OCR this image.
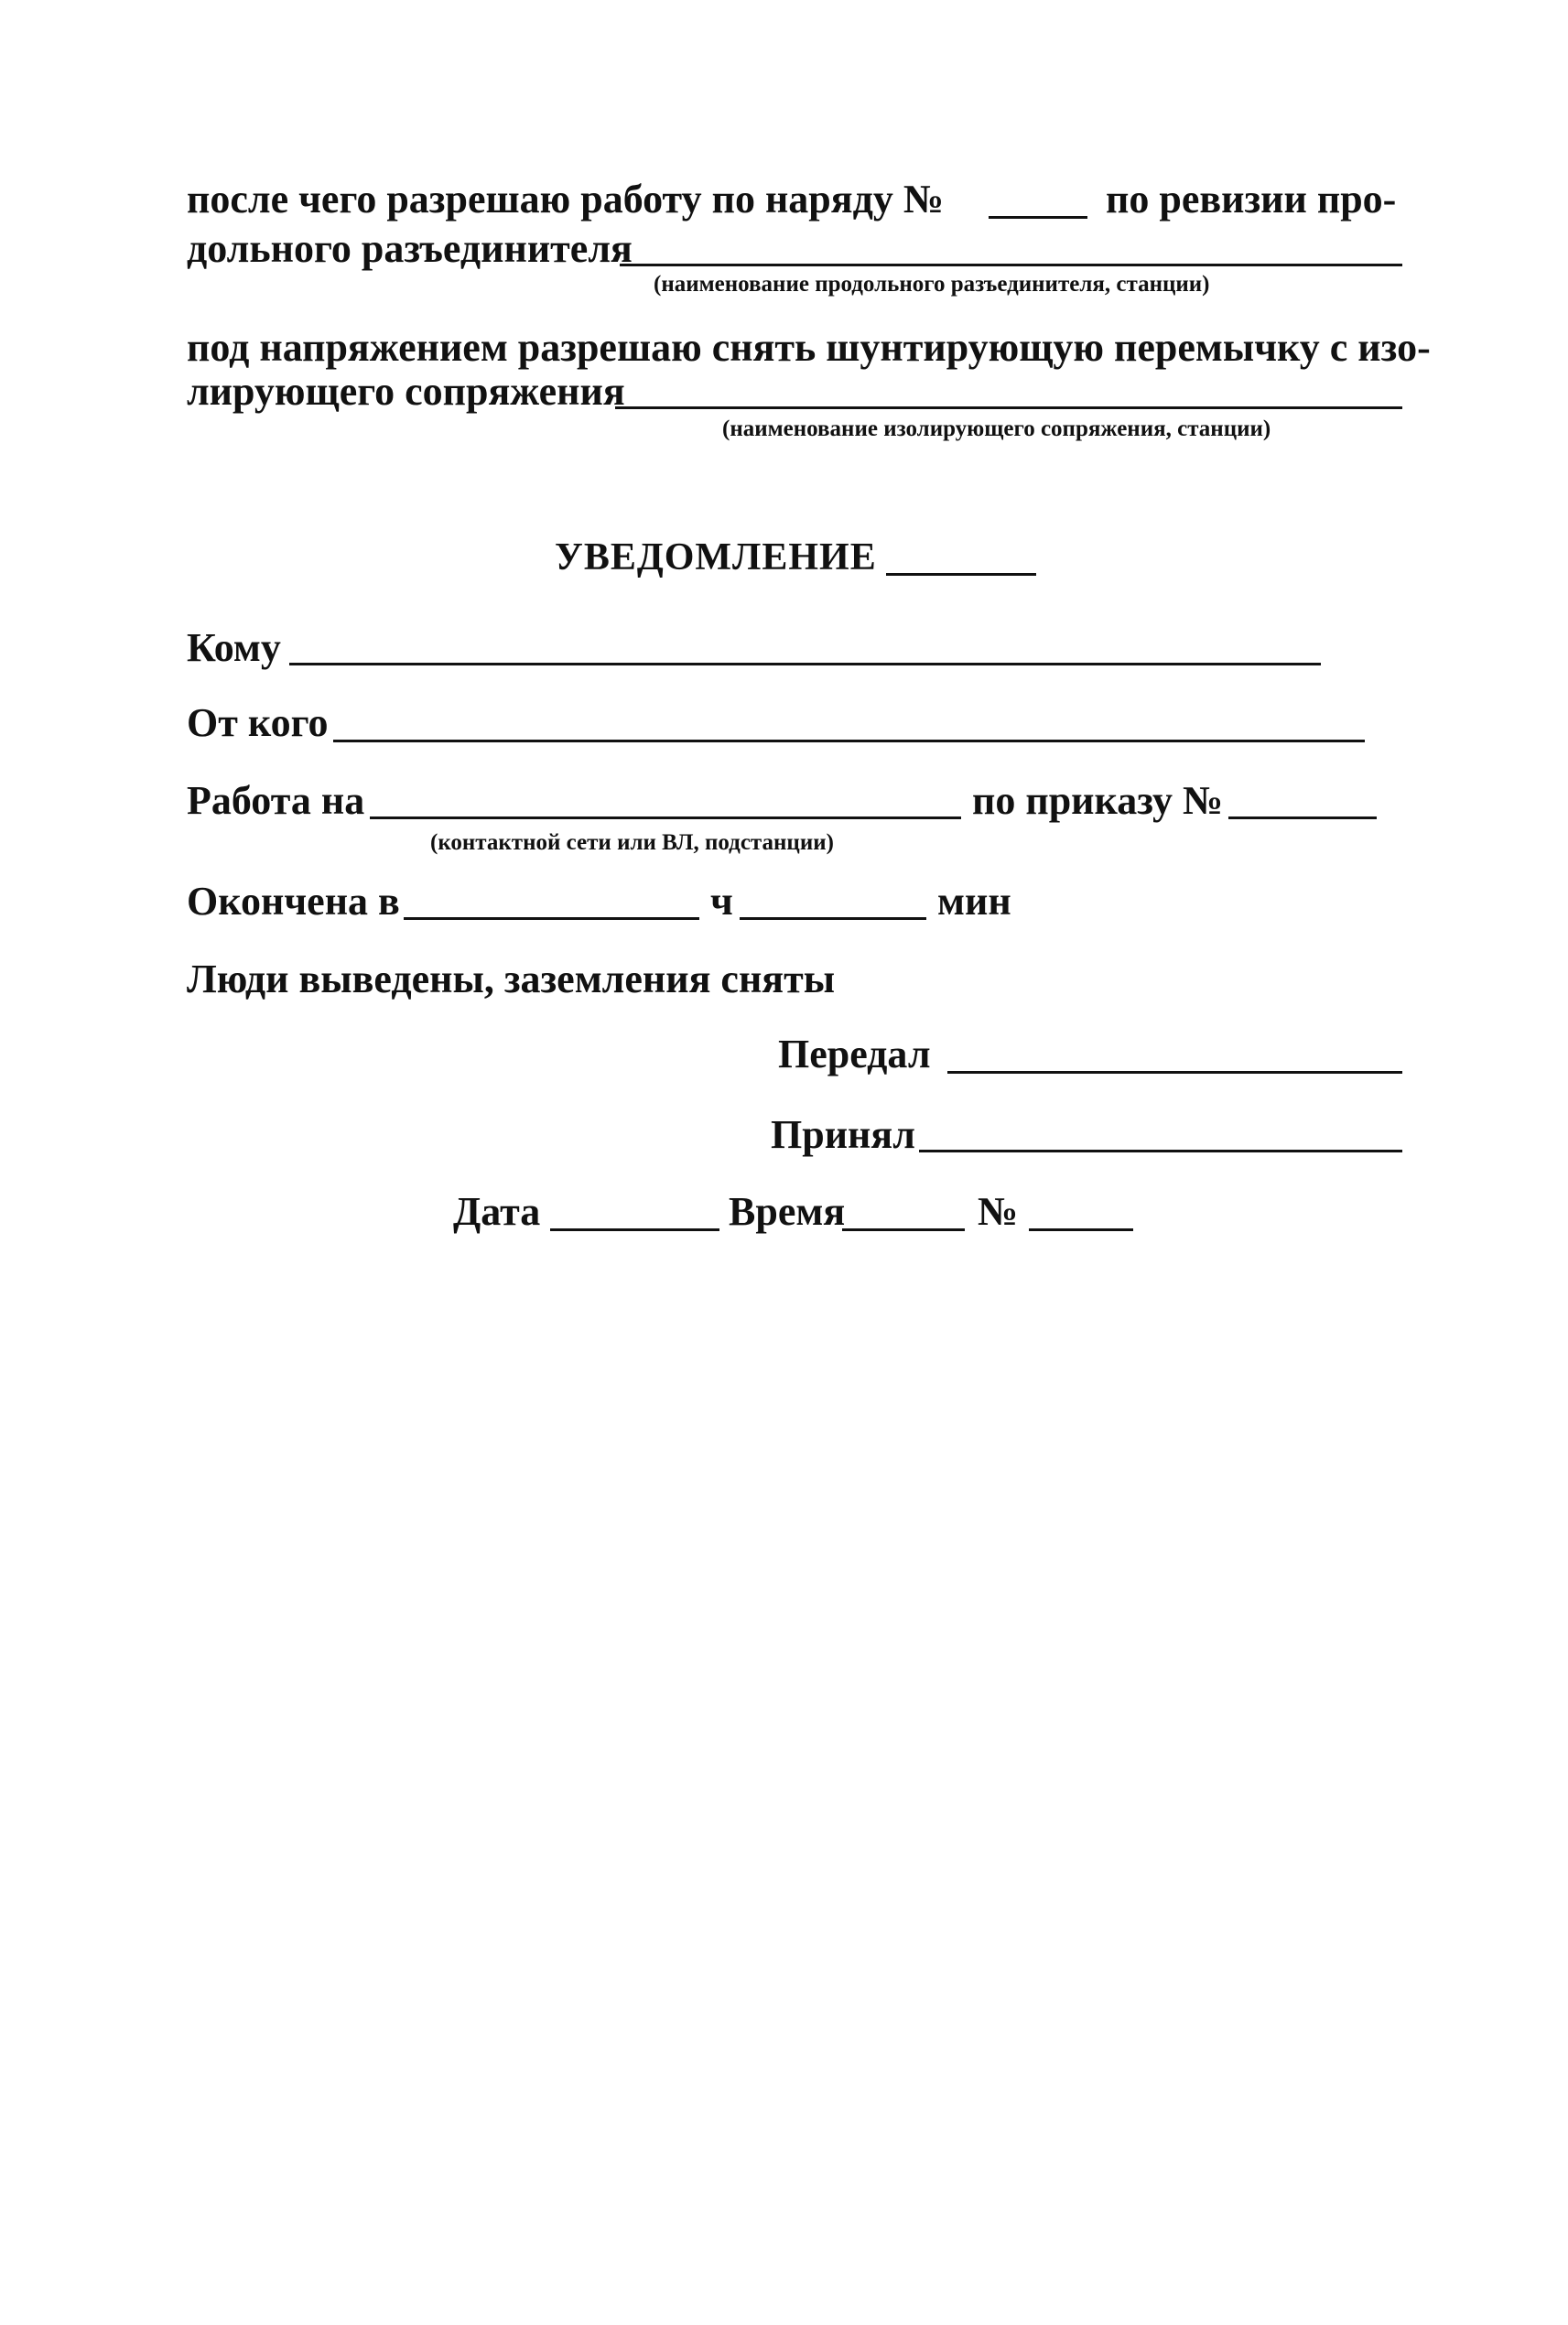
после чего разрешаю работу по наряду №	по ревизии про-
дольного разъединителя
(наименование продольного разъединителя, станции)
под напряжением разрешаю снять шунтирующую перемычку с изо-
лирующего сопряжения
(наименование изолирующего сопряжения, станции)
УВЕДОМЛЕНИЕ
Кому
От кого
Работа на	по приказу №
(контактной сети или ВЛ, подстанции)
Окончена в	ч	мин
Люди выведены, заземления сняты
Передал
Принял
Дата	Время	№
